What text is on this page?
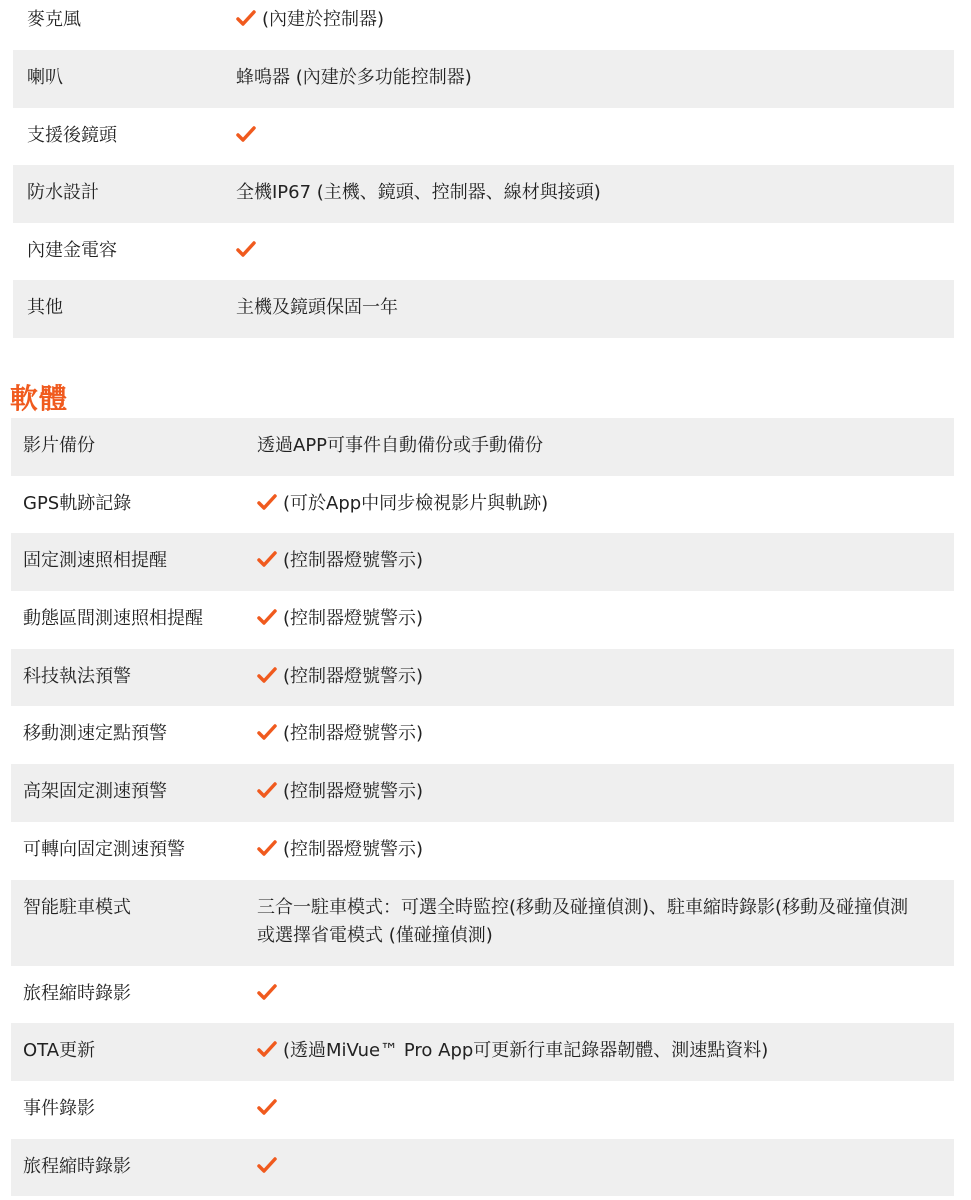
麥克風	(內建於控制器)
喇叭	蜂鳴器 (內建於多功能控制器)
支援後鏡頭
防水設計	全機IP67 (主機、鏡頭、控制器、線材與接頭)
內建金電容
其他	主機及鏡頭保固一年
軟體
影片備份	透過APP可事件自動備份或手動備份
GPS軌跡記錄	(可於App中同步檢視影片與軌跡)
固定測速照相提醒	(控制器燈號警示)
動態區間測速照相提醒	(控制器燈號警示)
科技執法預警	(控制器燈號警示)
移動測速定點預警	(控制器燈號警示)
高架固定測速預警	(控制器燈號警示)
可轉向固定測速預警	(控制器燈號警示)
智能駐車模式	三合一駐車模式：可選全時監控(移動及碰撞偵測)、駐車縮時錄影(移動及碰撞偵測
或選擇省電模式 (僅碰撞偵測)
旅程縮時錄影
OTA更新	(透過MiVue™ Pro App可更新行車記錄器韌體、測速點資料)
事件錄影
旅程縮時錄影
